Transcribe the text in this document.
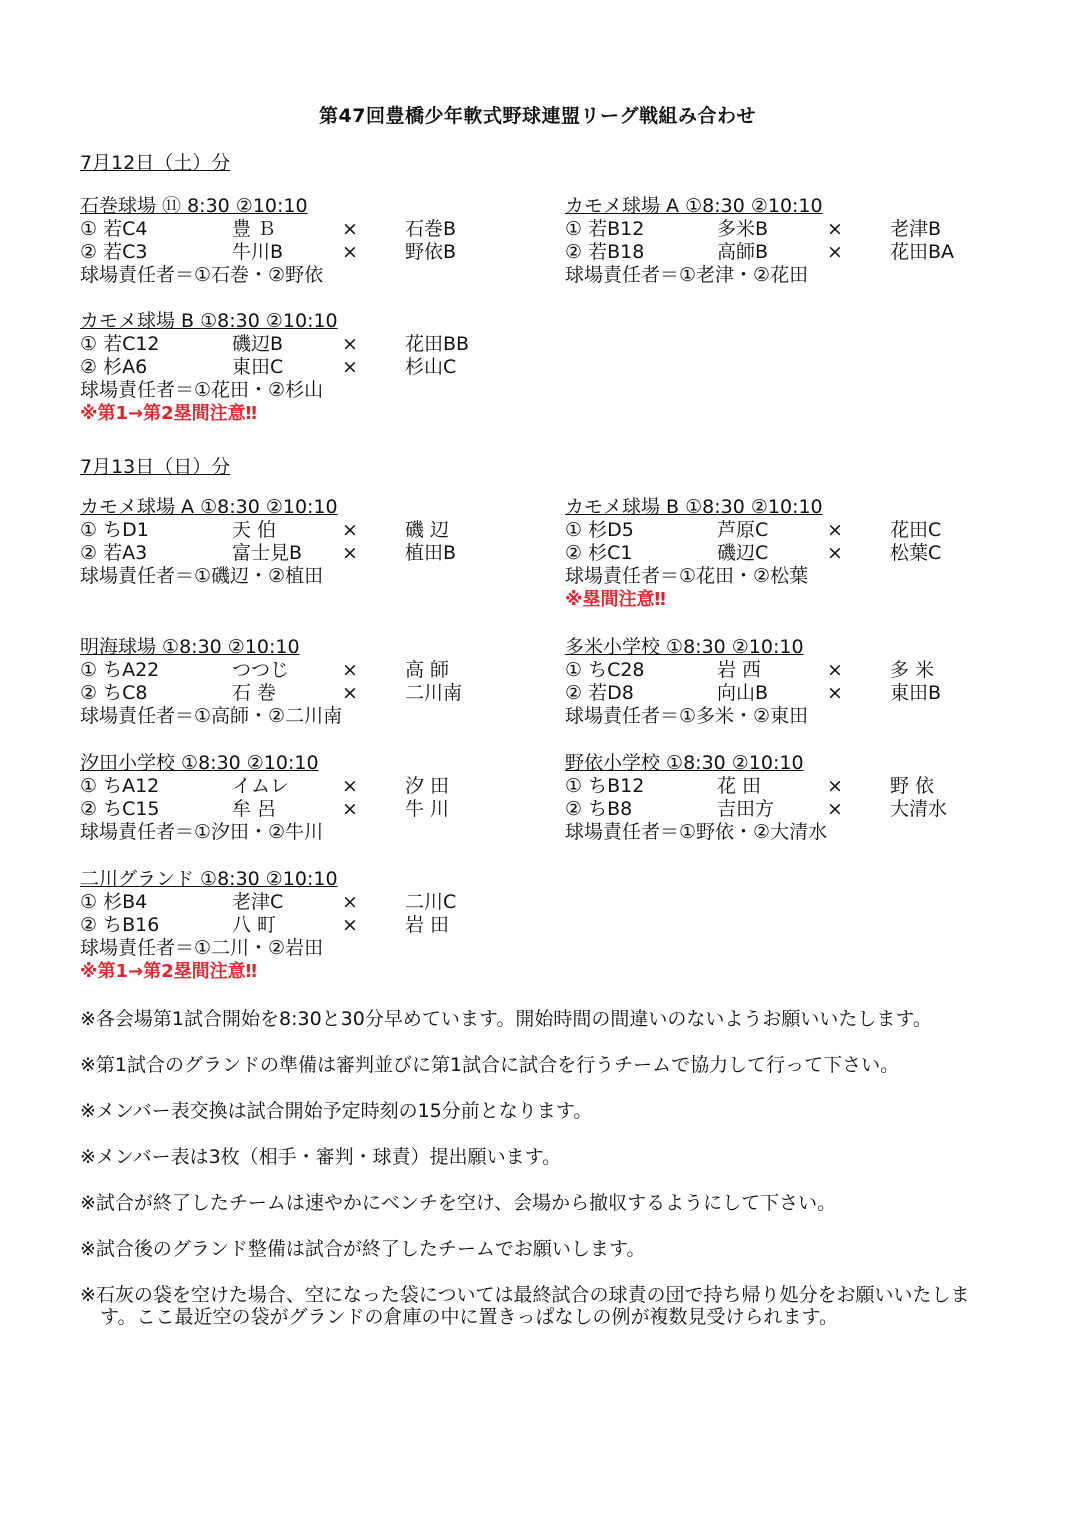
第47回豊橋少年軟式野球連盟リーグ戦組み合わせ
7月12日（土）分
7月13日（日）分
石巻球場 ⑪ 8:30 ②10:10
① 若C4	豊 Ｂ	× 石巻B
② 若C3	牛川B	× 野依B
球場責任者＝①石巻・②野依
カモメ球場 A ①8:30 ②10:10
① 若B12	多米B	× 老津B
② 若B18	高師B	× 花田BA
球場責任者＝①老津・②花田
カモメ球場 B ①8:30 ②10:10
① 若C12	磯辺B	× 花田BB
② 杉A6	東田C	× 杉山C
球場責任者＝①花田・②杉山
※第1→第2塁間注意‼
カモメ球場 A ①8:30 ②10:10
① ちD1	天 伯	× 磯 辺
② 若A3	富士見B × 植田B
球場責任者＝①磯辺・②植田
カモメ球場 B ①8:30 ②10:10
① 杉D5	芦原C	× 花田C
② 杉C1	磯辺C	× 松葉C
球場責任者＝①花田・②松葉
※塁間注意‼
明海球場 ①8:30 ②10:10
① ちA22	つつじ	× 高 師
② ちC8	石 巻	× 二川南
球場責任者＝①高師・②二川南
多米小学校 ①8:30 ②10:10
① ちC28	岩 西	× 多 米
② 若D8	向山B	× 東田B
球場責任者＝①多米・②東田
汐田小学校 ①8:30 ②10:10
① ちA12	イムレ	× 汐 田
② ちC15	牟 呂	× 牛 川
球場責任者＝①汐田・②牛川
野依小学校 ①8:30 ②10:10
① ちB12	花 田	× 野 依
② ちB8	吉田方	× 大清水
球場責任者＝①野依・②大清水
二川グランド ①8:30 ②10:10
① 杉B4	老津C	× 二川C
② ちB16	八 町	× 岩 田
球場責任者＝①二川・②岩田
※第1→第2塁間注意‼

※各会場第1試合開始を8:30と30分早めています。開始時間の間違いのないようお願いいたします。

※第1試合のグランドの準備は審判並びに第1試合に試合を行うチームで協力して行って下さい。

※メンバー表交換は試合開始予定時刻の15分前となります。

※メンバー表は3枚（相手・審判・球責）提出願います。

※試合が終了したチームは速やかにベンチを空け、会場から撤収するようにして下さい。

※試合後のグランド整備は試合が終了したチームでお願いします。

※石灰の袋を空けた場合、空になった袋については最終試合の球責の団で持ち帰り処分をお願いいたします。ここ最近空の袋がグランドの倉庫の中に置きっぱなしの例が複数見受けられます。
